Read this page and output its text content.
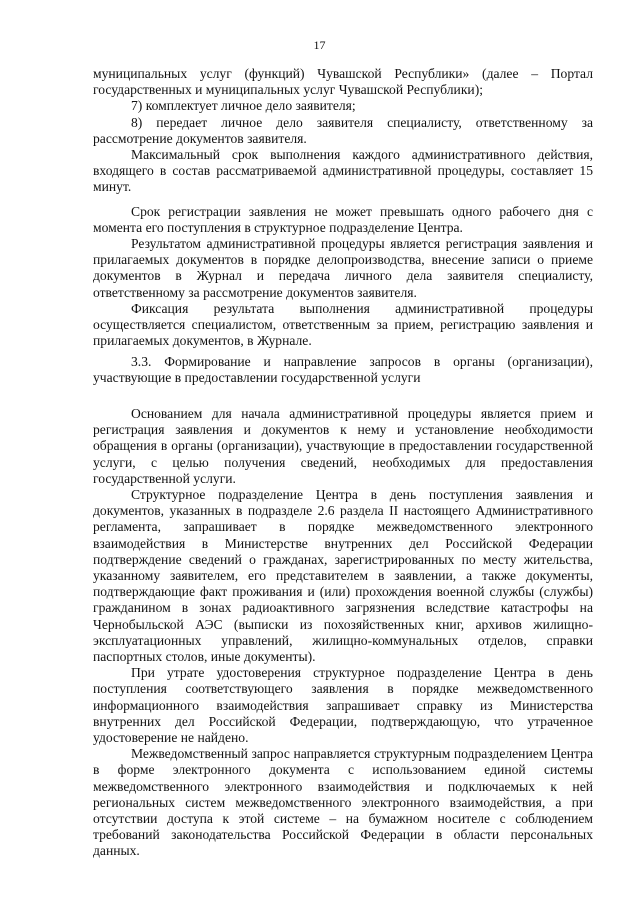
17

муниципальных услуг (функций) Чувашской Республики» (далее – Портал государственных и муниципальных услуг Чувашской Республики);

7) комплектует личное дело заявителя;

8) передает личное дело заявителя специалисту, ответственному за рассмотрение документов заявителя.

Максимальный срок выполнения каждого административного действия, входящего в состав рассматриваемой административной процедуры, составляет 15 минут.

Срок регистрации заявления не может превышать одного рабочего дня с момента его поступления в структурное подразделение Центра.

Результатом административной процедуры является регистрация заявления и прилагаемых документов в порядке делопроизводства, внесение записи о приеме документов в Журнал и передача личного дела заявителя специалисту, ответственному за рассмотрение документов заявителя.

Фиксация результата выполнения административной процедуры осуществляется специалистом, ответственным за прием, регистрацию заявления и прилагаемых документов, в Журнале.

3.3. Формирование и направление запросов в органы (организации), участвующие в предоставлении государственной услуги

Основанием для начала административной процедуры является прием и регистрация заявления и документов к нему и установление необходимости обращения в органы (организации), участвующие в предоставлении государственной услуги, с целью получения сведений, необходимых для предоставления государственной услуги.

Структурное подразделение Центра в день поступления заявления и документов, указанных в подразделе 2.6 раздела II настоящего Административного регламента, запрашивает в порядке межведомственного электронного взаимодействия в Министерстве внутренних дел Российской Федерации подтверждение сведений о гражданах, зарегистрированных по месту жительства, указанному заявителем, его представителем в заявлении, а также документы, подтверждающие факт проживания и (или) прохождения военной службы (службы) гражданином в зонах радиоактивного загрязнения вследствие катастрофы на Чернобыльской АЭС (выписки из похозяйственных книг, архивов жилищно-эксплуатационных управлений, жилищно-коммунальных отделов, справки паспортных столов, иные документы).

При утрате удостоверения структурное подразделение Центра в день поступления соответствующего заявления в порядке межведомственного информационного взаимодействия запрашивает справку из Министерства внутренних дел Российской Федерации, подтверждающую, что утраченное удостоверение не найдено.

Межведомственный запрос направляется структурным подразделением Центра в форме электронного документа с использованием единой системы межведомственного электронного взаимодействия и подключаемых к ней региональных систем межведомственного электронного взаимодействия, а при отсутствии доступа к этой системе – на бумажном носителе с соблюдением требований законодательства Российской Федерации в области персональных данных.
